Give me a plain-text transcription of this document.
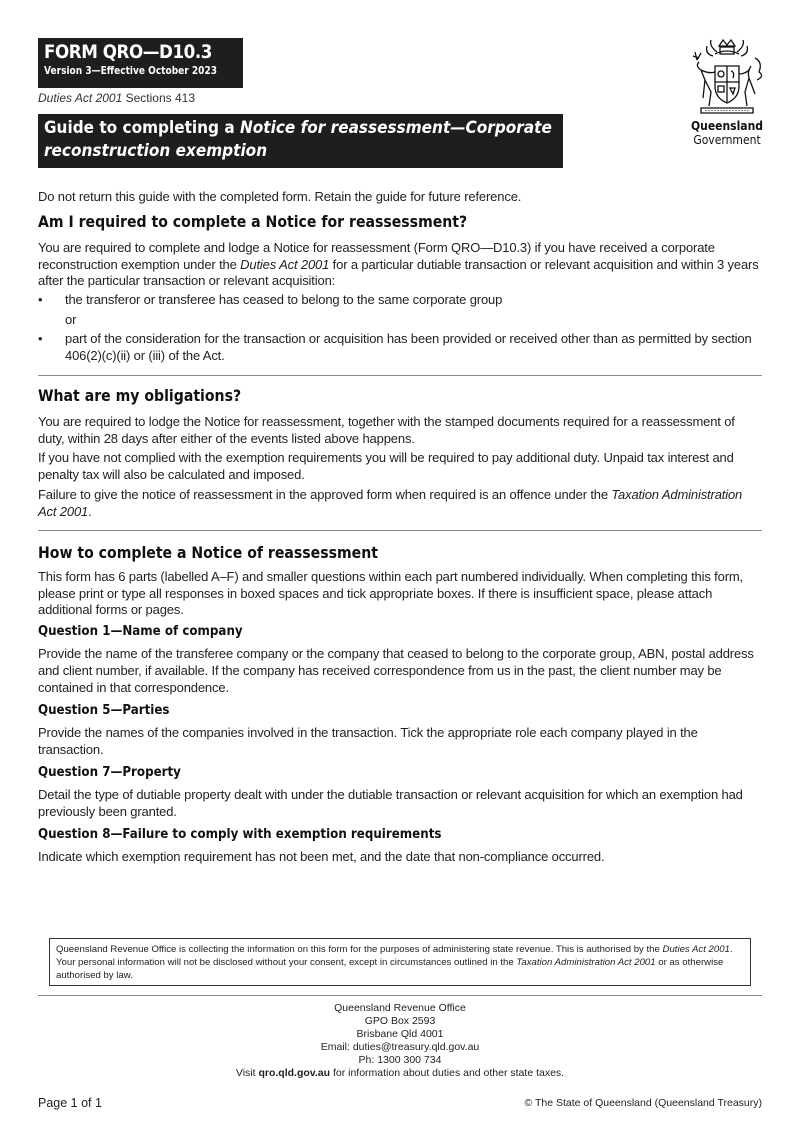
FORM QRO—D10.3
Version 3—Effective October 2023
Duties Act 2001 Sections 413
Guide to completing a Notice for reassessment—Corporate
reconstruction exemption
Queensland
Government
Do not return this guide with the completed form. Retain the guide for future reference.
Am I required to complete a Notice for reassessment?
You are required to complete and lodge a Notice for reassessment (Form QRO—D10.3) if you have received a corporate reconstruction exemption under the Duties Act 2001 for a particular dutiable transaction or relevant acquisition and within 3 years after the particular transaction or relevant acquisition:
• the transferor or transferee has ceased to belong to the same corporate group
or
• part of the consideration for the transaction or acquisition has been provided or received other than as permitted by section 406(2)(c)(ii) or (iii) of the Act.
What are my obligations?
You are required to lodge the Notice for reassessment, together with the stamped documents required for a reassessment of duty, within 28 days after either of the events listed above happens.
If you have not complied with the exemption requirements you will be required to pay additional duty. Unpaid tax interest and penalty tax will also be calculated and imposed.
Failure to give the notice of reassessment in the approved form when required is an offence under the Taxation Administration Act 2001.
How to complete a Notice of reassessment
This form has 6 parts (labelled A–F) and smaller questions within each part numbered individually. When completing this form, please print or type all responses in boxed spaces and tick appropriate boxes. If there is insufficient space, please attach additional forms or pages.
Question 1—Name of company
Provide the name of the transferee company or the company that ceased to belong to the corporate group, ABN, postal address and client number, if available. If the company has received correspondence from us in the past, the client number may be contained in that correspondence.
Question 5—Parties
Provide the names of the companies involved in the transaction. Tick the appropriate role each company played in the transaction.
Question 7—Property
Detail the type of dutiable property dealt with under the dutiable transaction or relevant acquisition for which an exemption had previously been granted.
Question 8—Failure to comply with exemption requirements
Indicate which exemption requirement has not been met, and the date that non-compliance occurred.
Queensland Revenue Office is collecting the information on this form for the purposes of administering state revenue. This is authorised by the Duties Act 2001. Your personal information will not be disclosed without your consent, except in circumstances outlined in the Taxation Administration Act 2001 or as otherwise authorised by law.
Queensland Revenue Office
GPO Box 2593
Brisbane Qld 4001
Email: duties@treasury.qld.gov.au
Ph: 1300 300 734
Visit qro.qld.gov.au for information about duties and other state taxes.
Page 1 of 1	© The State of Queensland (Queensland Treasury)
